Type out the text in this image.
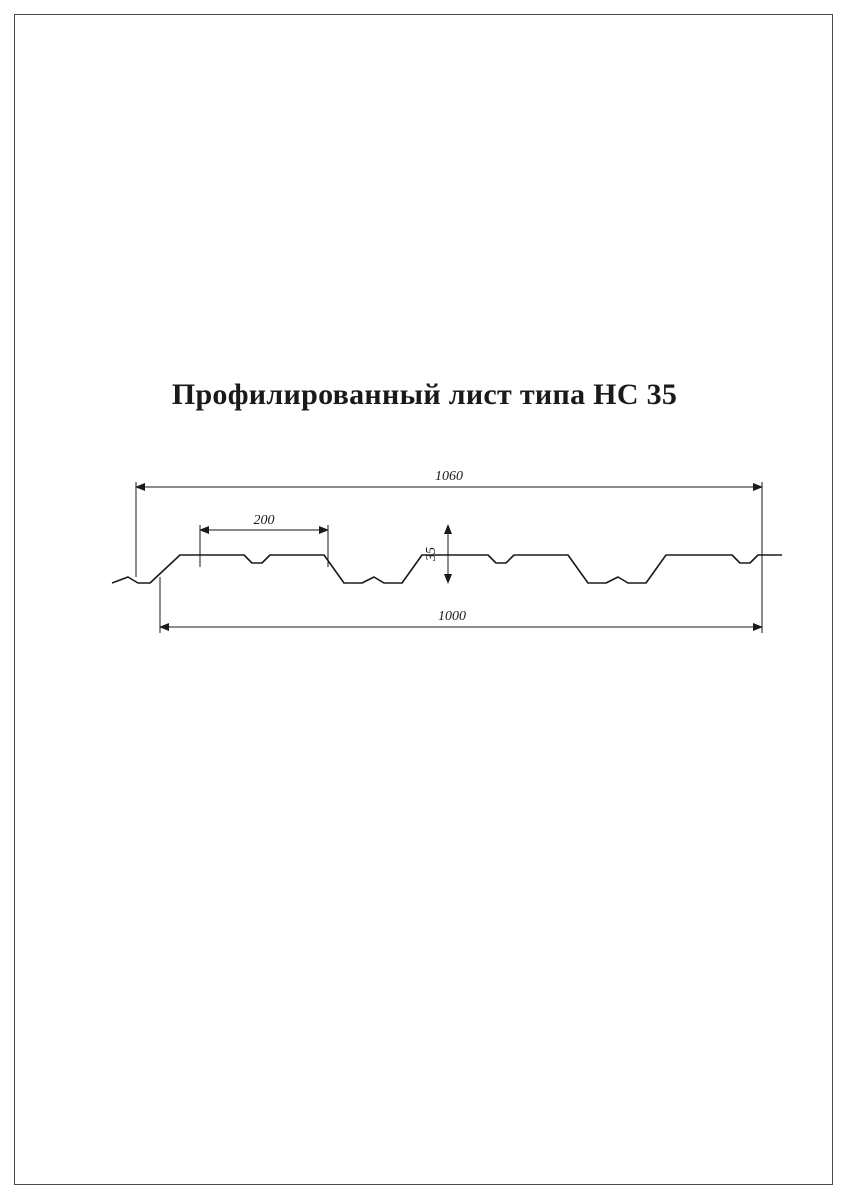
Профилированный лист типа НС 35
1060
200
35
1000
